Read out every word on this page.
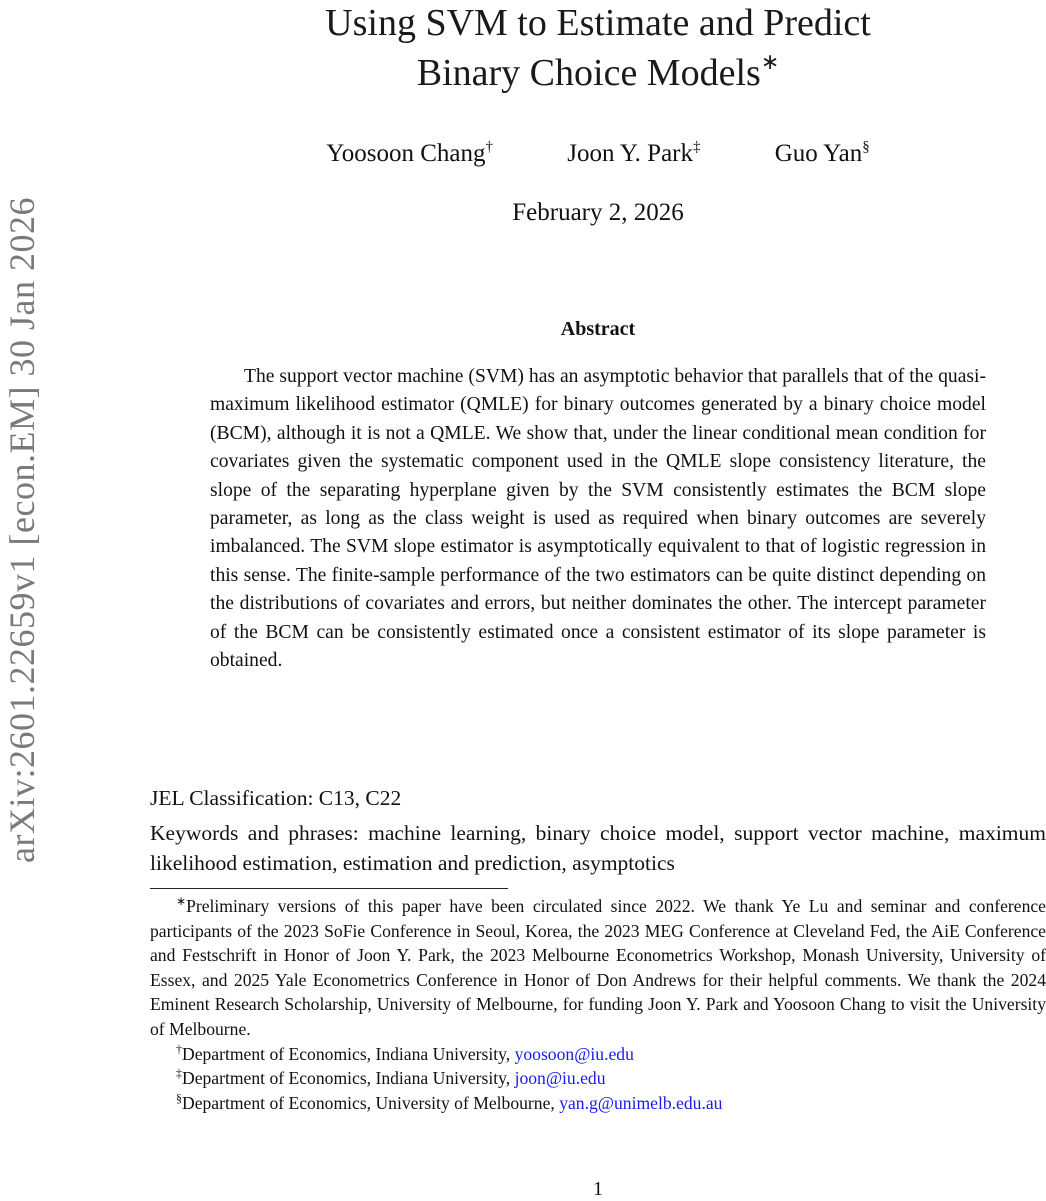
arXiv:2601.22659v1 [econ.EM] 30 Jan 2026
Using SVM to Estimate and Predict
Binary Choice Models∗
Yoosoon Chang†	Joon Y. Park‡	Guo Yan§
February 2, 2026
Abstract

The support vector machine (SVM) has an asymptotic behavior that parallels that of the quasi-maximum likelihood estimator (QMLE) for binary outcomes generated by a binary choice model (BCM), although it is not a QMLE. We show that, under the linear conditional mean condition for covariates given the systematic component used in the QMLE slope consistency literature, the slope of the separating hyperplane given by the SVM consistently estimates the BCM slope parameter, as long as the class weight is used as required when binary outcomes are severely imbalanced. The SVM slope estimator is asymptotically equivalent to that of logistic regression in this sense. The finite-sample performance of the two estimators can be quite distinct depending on the distributions of covariates and errors, but neither dominates the other. The intercept parameter of the BCM can be consistently estimated once a consistent estimator of its slope parameter is obtained.

JEL Classification: C13, C22

Keywords and phrases: machine learning, binary choice model, support vector machine, maximum likelihood estimation, estimation and prediction, asymptotics

∗Preliminary versions of this paper have been circulated since 2022. We thank Ye Lu and seminar and conference participants of the 2023 SoFie Conference in Seoul, Korea, the 2023 MEG Conference at Cleveland Fed, the AiE Conference and Festschrift in Honor of Joon Y. Park, the 2023 Melbourne Econometrics Workshop, Monash University, University of Essex, and 2025 Yale Econometrics Conference in Honor of Don Andrews for their helpful comments. We thank the 2024 Eminent Research Scholarship, University of Melbourne, for funding Joon Y. Park and Yoosoon Chang to visit the University of Melbourne.

†Department of Economics, Indiana University, yoosoon@iu.edu

‡Department of Economics, Indiana University, joon@iu.edu

§Department of Economics, University of Melbourne, yan.g@unimelb.edu.au

1
